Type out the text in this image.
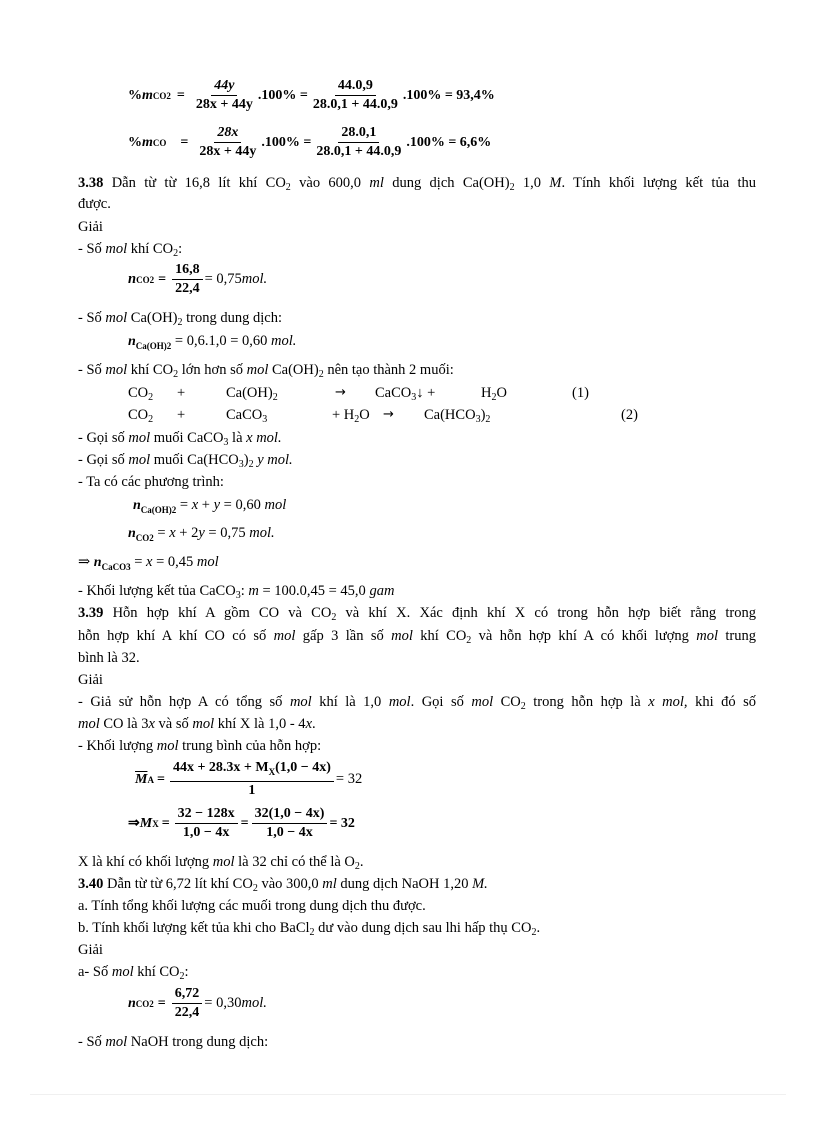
% m $CO2 = \frac{44y}{28x + 44y} .100\% = \frac{44.0,9}{28.0,1 + 44.0,9} .100\% = 93,4\%$
% m CO = $\frac{28x}{28x + 44y} .100\% = \frac{28.0,1}{28.0,1 + 44.0,9} .100\% = 6,6\%$
3.38 Dẫn từ từ 16,8 lít khí $CO_2$ vào 600,0 ml dung dịch $Ca(OH)_2$ 1,0 M. Tính khối lượng kết tủa thu
được.
Giải
- Số mol khí $CO_2$:
n $CO2 = \frac{16,8}{22,4} = 0,75$ mol.
- Số mol $Ca(OH)_2$ trong dung dịch:
$n_{Ca(OH)2} = 0,6.1,0 = 0,60$ mol.
- Số mol khí $CO_2$ lớn hơn số mol $Ca(OH)_2$ nên tạo thành 2 muối:
$CO_2$ +	$Ca(OH)_2$	→ CaCO$_3$↓ +	$H_2O$	(1)
$CO_2$ +	CaCO$_3$	+ $H_2O \to Ca(HCO_3)_2$	(2)
- Gọi số mol muối CaCO$_3$ là x mol.
- Gọi số mol muối $Ca(HCO_3)_2$ y mol.
- Ta có các phương trình:
$n_{Ca(OH)2} = x + y = 0,60$ mol
$n_{CO2} = x + 2y = 0,75$ mol.
⇒ $n_{CaCO3} = x = 0,45$ mol
- Khối lượng kết tủa CaCO$_3$: m = 100.0,45 = 45,0 gam
3.39 Hỗn hợp khí A gồm CO và $CO_2$ và khí X. Xác định khí X có trong hỗn hợp biết rằng trong
hỗn hợp khí A khí CO có số mol gấp 3 lần số mol khí $CO_2$ và hỗn hợp khí A có khối lượng mol trung
bình là 32.
Giải
- Giả sử hỗn hợp A có tổng số mol khí là 1,0 mol. Gọi số mol $CO_2$ trong hỗn hợp là x mol, khi đó số
mol CO là 3x và số mol khí X là 1,0 - 4x.
- Khối lượng mol trung bình của hỗn hợp:
$\overline{M}$ $A = \frac{44x + 28.3x + M_X(1,0 - 4x)}{1} = 32$
⇒ M $X = \frac{32 - 128x}{1,0 - 4x} = \frac{32(1,0 - 4x)}{1,0 - 4x} = 32$
X là khí có khối lượng mol là 32 chỉ có thể là $O_2$.
3.40 Dẫn từ từ 6,72 lít khí $CO_2$ vào 300,0 ml dung dịch NaOH 1,20 M.
a. Tính tổng khối lượng các muối trong dung dịch thu được.
b. Tính khối lượng kết tủa khi cho BaCl$_2$ dư vào dung dịch sau lhi hấp thụ $CO_2$.
Giải
a- Số mol khí $CO_2$:
n $CO2 = \frac{6,72}{22,4} = 0,30$ mol.
- Số mol NaOH trong dung dịch:
